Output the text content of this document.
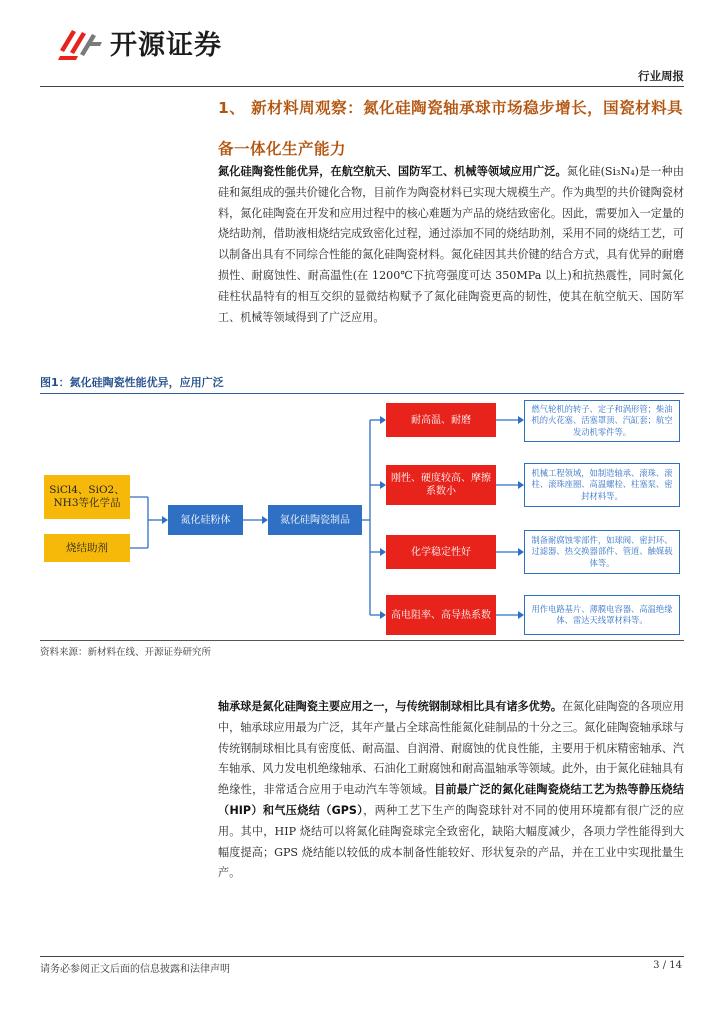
开源证券
行业周报
1、 新材料周观察：氮化硅陶瓷轴承球市场稳步增长，国瓷材料具备一体化生产能力
氮化硅陶瓷性能优异，在航空航天、国防军工、机械等领域应用广泛。氮化硅(Si₃N₄)是一种由硅和氮组成的强共价键化合物，目前作为陶瓷材料已实现大规模生产。作为典型的共价键陶瓷材料，氮化硅陶瓷在开发和应用过程中的核心难题为产品的烧结致密化。因此，需要加入一定量的烧结助剂，借助液相烧结完成致密化过程，通过添加不同的烧结助剂，采用不同的烧结工艺，可以制备出具有不同综合性能的氮化硅陶瓷材料。氮化硅因其共价键的结合方式，具有优异的耐磨损性、耐腐蚀性、耐高温性(在 1200℃下抗弯强度可达 350MPa 以上)和抗热震性，同时氮化硅柱状晶特有的相互交织的显微结构赋予了氮化硅陶瓷更高的韧性，使其在航空航天、国防军工、机械等领域得到了广泛应用。
图1：氮化硅陶瓷性能优异，应用广泛
SiCl4、SiO2、NH3等化学品
烧结助剂
氮化硅粉体	氮化硅陶瓷制品
耐高温、耐磨
刚性、硬度较高、摩擦系数小
化学稳定性好
高电阻率、高导热系数
燃气轮机的转子、定子和涡形管；柴油机的火花塞、活塞罩顶、汽缸套；航空发动机零件等。
机械工程领域，如制造轴承、滚珠、滚柱、滚珠座圈、高温螺栓、柱塞泵、密封材料等。
制备耐腐蚀零部件，如球阀、密封环、过滤器、热交换器部件、管道、触媒载体等。
用作电路基片、薄膜电容器、高温绝缘体、雷达天线罩材料等。
资料来源：新材料在线、开源证券研究所
轴承球是氮化硅陶瓷主要应用之一，与传统钢制球相比具有诸多优势。在氮化硅陶瓷的各项应用中，轴承球应用最为广泛，其年产量占全球高性能氮化硅制品的十分之三。氮化硅陶瓷轴承球与传统钢制球相比具有密度低、耐高温、自润滑、耐腐蚀的优良性能，主要用于机床精密轴承、汽车轴承、风力发电机绝缘轴承、石油化工耐腐蚀和耐高温轴承等领域。此外，由于氮化硅轴具有绝缘性，非常适合应用于电动汽车等领域。目前最广泛的氮化硅陶瓷烧结工艺为热等静压烧结（HIP）和气压烧结（GPS），两种工艺下生产的陶瓷球针对不同的使用环境都有很广泛的应用。其中，HIP 烧结可以将氮化硅陶瓷球完全致密化，缺陷大幅度减少，各项力学性能得到大幅度提高；GPS 烧结能以较低的成本制备性能较好、形状复杂的产品，并在工业中实现批量生产。
请务必参阅正文后面的信息披露和法律声明	3 / 14
